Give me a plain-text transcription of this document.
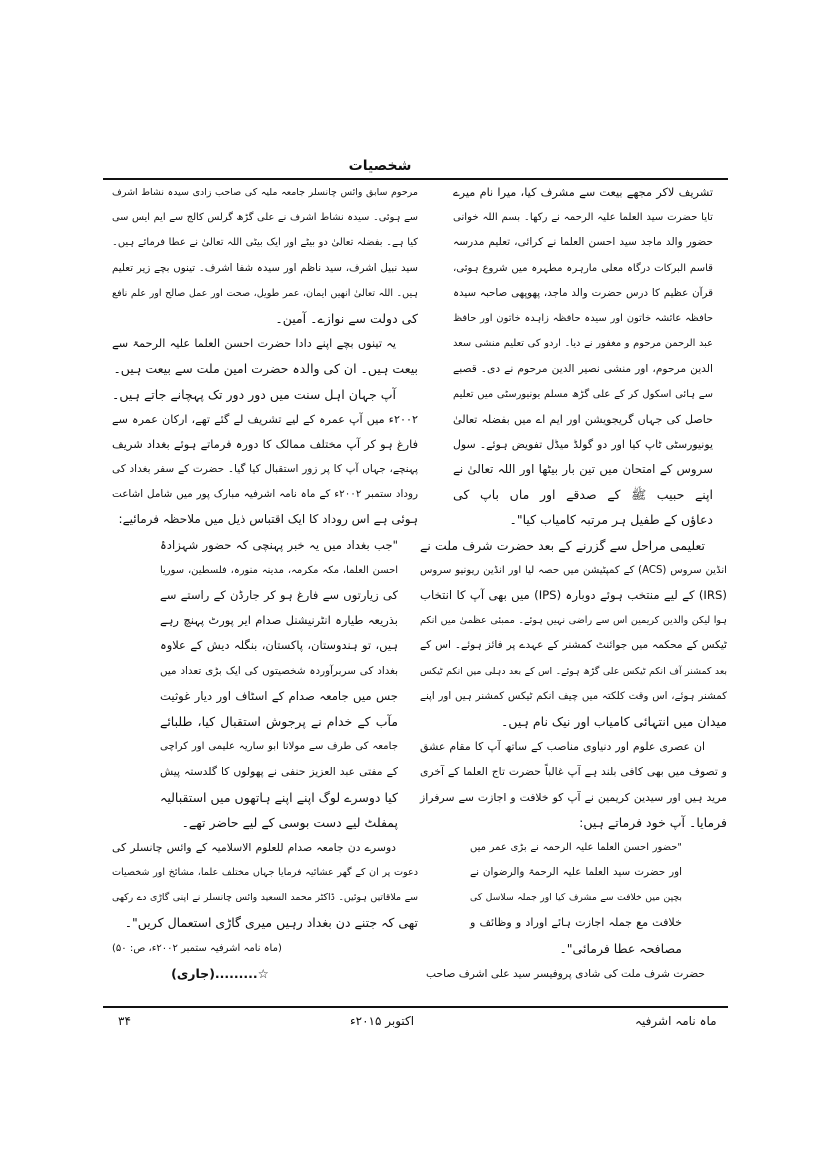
شخصیات
تشریف لاکر مجھے بیعت سے مشرف کیا، میرا نام میرے
تایا حضرت سید العلما علیہ الرحمہ نے رکھا۔ بسم اللہ خوانی
حضور والد ماجد سید احسن العلما نے کرائی، تعلیم مدرسہ
قاسم البرکات درگاہ معلی مارہرہ مطہرہ میں شروع ہوئی،
قرآن عظیم کا درس حضرت والد ماجد، پھوپھی صاحبہ سیدہ
حافظہ عائشہ خاتون اور سیدہ حافظہ زاہدہ خاتون اور حافظ
عبد الرحمن مرحوم و مغفور نے دیا۔ اردو کی تعلیم منشی سعد
الدین مرحوم، اور منشی نصیر الدین مرحوم نے دی۔ قصبے
سے ہائی اسکول کر کے علی گڑھ مسلم یونیورسٹی میں تعلیم
حاصل کی جہاں گریجویشن اور ایم اے میں بفضلہ تعالیٰ
یونیورسٹی ٹاپ کیا اور دو گولڈ میڈل تفویض ہوئے۔ سول
سروس کے امتحان میں تین بار بیٹھا اور اللہ تعالیٰ نے
اپنے حبیب ﷺ کے صدقے اور ماں باپ کی
دعاؤں کے طفیل ہر مرتبہ کامیاب کیا"۔
تعلیمی مراحل سے گزرنے کے بعد حضرت شرف ملت نے
انڈین سروس (ACS) کے کمپٹیشن میں حصہ لیا اور انڈین ریونیو سروس
(IRS) کے لیے منتخب ہوئے دوبارہ (IPS) میں بھی آپ کا انتخاب
ہوا لیکن والدین کریمین اس سے راضی نہیں ہوئے۔ ممبئی عظمیٰ میں انکم
ٹیکس کے محکمہ میں جوائنٹ کمشنر کے عہدے پر فائز ہوئے۔ اس کے
بعد کمشنر آف انکم ٹیکس علی گڑھ ہوئے۔ اس کے بعد دہلی میں انکم ٹیکس
کمشنر ہوئے، اس وقت کلکتہ میں چیف انکم ٹیکس کمشنر ہیں اور اپنے
میدان میں انتہائی کامیاب اور نیک نام ہیں۔
ان عصری علوم اور دنیاوی مناصب کے ساتھ آپ کا مقام عشق
و تصوف میں بھی کافی بلند ہے آپ غالباً حضرت تاج العلما کے آخری
مرید ہیں اور سیدین کریمین نے آپ کو خلافت و اجازت سے سرفراز
فرمایا۔ آپ خود فرماتے ہیں:
"حضور احسن العلما علیہ الرحمہ نے بڑی عمر میں
اور حضرت سید العلما علیہ الرحمۃ والرضوان نے
بچپن میں خلافت سے مشرف کیا اور جملہ سلاسل کی
خلافت مع جملہ اجازت ہائے اوراد و وظائف و
مصافحہ عطا فرمائی"۔
حضرت شرف ملت کی شادی پروفیسر سید علی اشرف صاحب
مرحوم سابق وائس چانسلر جامعہ ملیہ کی صاحب زادی سیدہ نشاط اشرف
سے ہوئی۔ سیدہ نشاط اشرف نے علی گڑھ گرلس کالج سے ایم ایس سی
کیا ہے۔ بفضلہ تعالیٰ دو بیٹے اور ایک بیٹی اللہ تعالیٰ نے عطا فرمائے ہیں۔
سید نبیل اشرف، سید ناظم اور سیدہ شفا اشرف۔ تینوں بچے زیر تعلیم
ہیں۔ اللہ تعالیٰ انھیں ایمان، عمر طویل، صحت اور عمل صالح اور علم نافع
کی دولت سے نوازے۔ آمین۔
یہ تینوں بچے اپنے دادا حضرت احسن العلما علیہ الرحمۃ سے
بیعت ہیں۔ ان کی والدہ حضرت امین ملت سے بیعت ہیں۔
آپ جہان اہل سنت میں دور دور تک پہچانے جاتے ہیں۔
۲۰۰۲ء میں آپ عمرہ کے لیے تشریف لے گئے تھے، ارکان عمرہ سے
فارغ ہو کر آپ مختلف ممالک کا دورہ فرماتے ہوئے بغداد شریف
پہنچے، جہاں آپ کا پر زور استقبال کیا گیا۔ حضرت کے سفر بغداد کی
روداد ستمبر ۲۰۰۲ء کے ماہ نامہ اشرفیہ مبارک پور میں شامل اشاعت
ہوئی ہے اس روداد کا ایک اقتباس ذیل میں ملاحظہ فرمائیے:
"جب بغداد میں یہ خبر پہنچی کہ حضور شہزادۂ
احسن العلما، مکہ مکرمہ، مدینہ منورہ، فلسطین، سوریا
کی زیارتوں سے فارغ ہو کر جارڈن کے راستے سے
بذریعہ طیارہ انٹرنیشنل صدام ایر پورٹ پہنچ رہے
ہیں، تو ہندوستان، پاکستان، بنگلہ دیش کے علاوہ
بغداد کی سربرآوردہ شخصیتوں کی ایک بڑی تعداد میں
جس میں جامعہ صدام کے اسٹاف اور دیار غوثیت
مآب کے خدام نے پرجوش استقبال کیا، طلبائے
جامعہ کی طرف سے مولانا ابو ساریہ علیمی اور کراچی
کے مفتی عبد العزیز حنفی نے پھولوں کا گلدستہ پیش
کیا دوسرے لوگ اپنے اپنے ہاتھوں میں استقبالیہ
پمفلٹ لیے دست بوسی کے لیے حاضر تھے۔
دوسرے دن جامعہ صدام للعلوم الاسلامیہ کے وائس چانسلر کی
دعوت پر ان کے گھر عشائیہ فرمایا جہاں مختلف علما، مشائخ اور شخصیات
سے ملاقاتیں ہوئیں۔ ڈاکٹر محمد السعید وائس چانسلر نے اپنی گاڑی دے رکھی
تھی کہ جتنے دن بغداد رہیں میری گاڑی استعمال کریں"۔
(ماہ نامہ اشرفیہ ستمبر ۲۰۰۲ء، ص: ۵۰)
☆.........(جاری)
۳۴	اکتوبر ۲۰۱۵ء	ماہ نامہ اشرفیہ
